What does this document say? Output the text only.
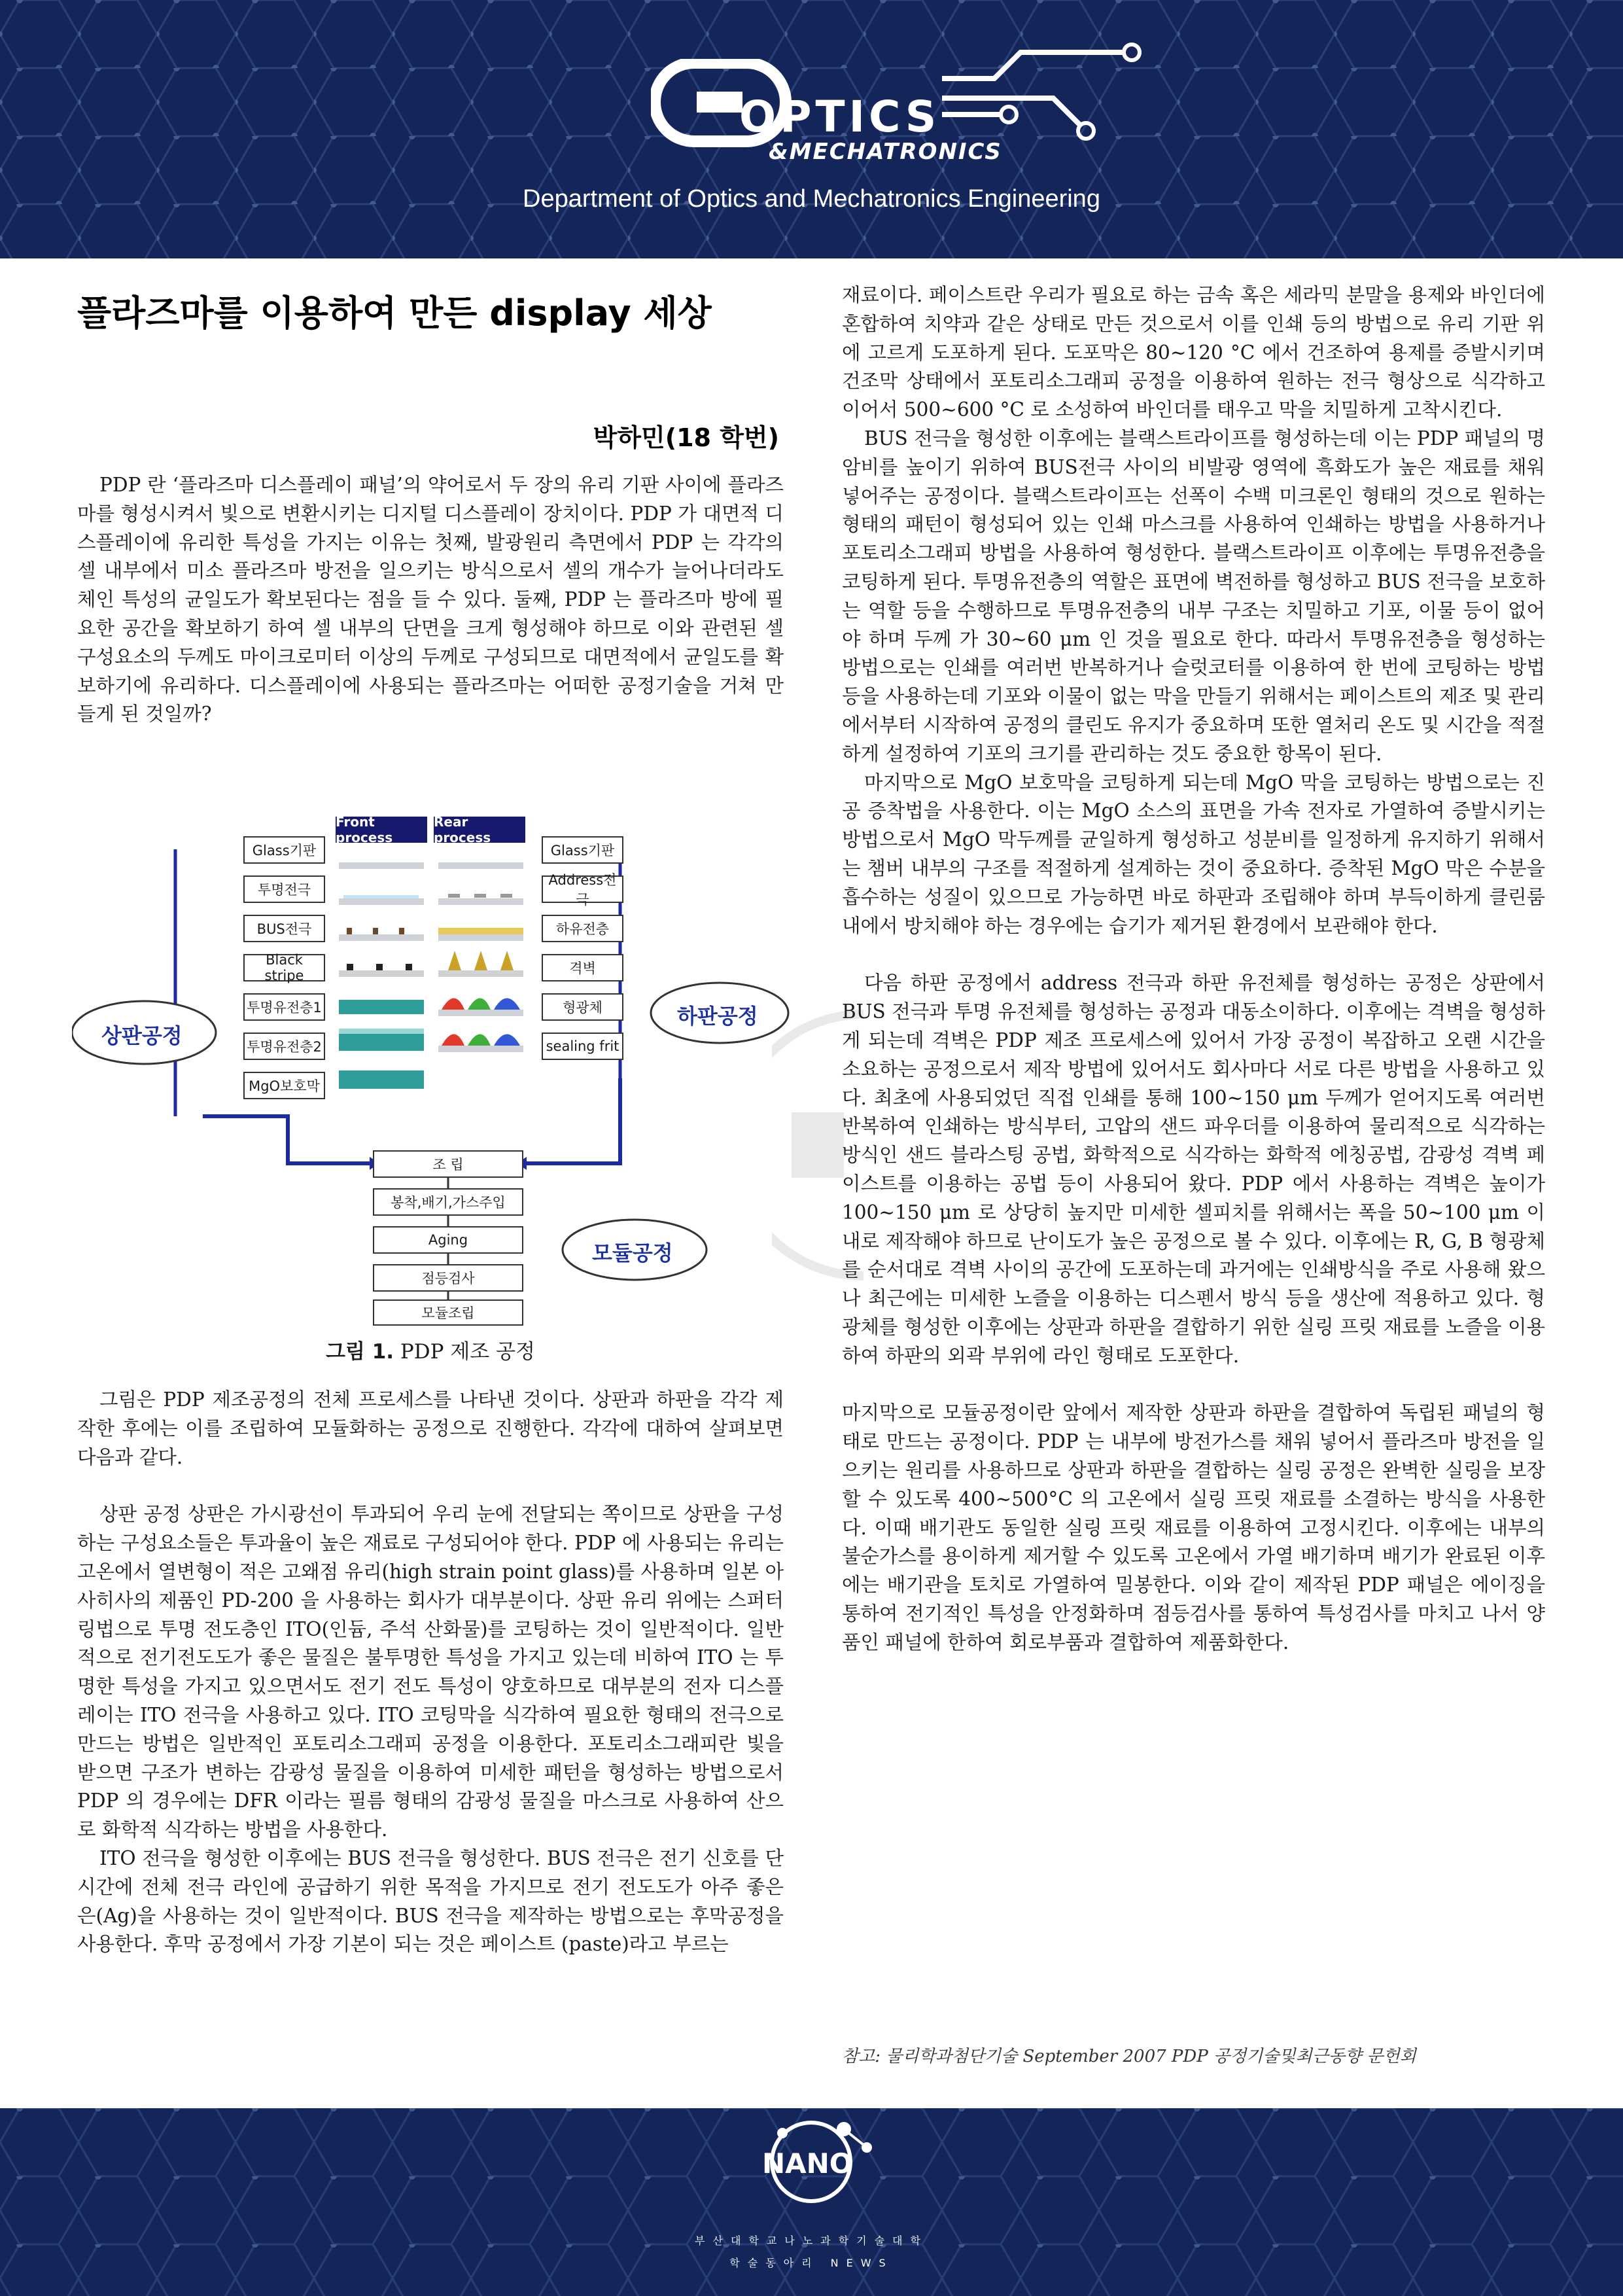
OPTICS
&MECHATRONICS
Department of Optics and Mechatronics Engineering
플라즈마를 이용하여 만든 display 세상
박하민(18 학번)

PDP 란 ‘플라즈마 디스플레이 패널’의 약어로서 두 장의 유리 기판 사이에 플라즈마를 형성시켜서 빛으로 변환시키는 디지털 디스플레이 장치이다. PDP 가 대면적 디스플레이에 유리한 특성을 가지는 이유는 첫째, 발광원리 측면에서 PDP 는 각각의 셀 내부에서 미소 플라즈마 방전을 일으키는 방식으로서 셀의 개수가 늘어나더라도 체인 특성의 균일도가 확보된다는 점을 들 수 있다. 둘째, PDP 는 플라즈마 방에 필요한 공간을 확보하기 하여 셀 내부의 단면을 크게 형성해야 하므로 이와 관련된 셀 구성요소의 두께도 마이크로미터 이상의 두께로 구성되므로 대면적에서 균일도를 확보하기에 유리하다. 디스플레이에 사용되는 플라즈마는 어떠한 공정기술을 거쳐 만들게 된 것일까?

Front process
Rear process
Glass기판
투명전극
BUS전극
Black stripe
투명유전층1
투명유전층2
MgO보호막
Glass기판
Address전극
하유전층
격벽
형광체
sealing frit
조 립
봉착,배기,가스주입
Aging
점등검사
모듈조립
상판공정
하판공정
모듈공정
그림 1. PDP 제조 공정

그림은 PDP 제조공정의 전체 프로세스를 나타낸 것이다. 상판과 하판을 각각 제작한 후에는 이를 조립하여 모듈화하는 공정으로 진행한다. 각각에 대하여 살펴보면 다음과 같다.

상판 공정 상판은 가시광선이 투과되어 우리 눈에 전달되는 쪽이므로 상판을 구성하는 구성요소들은 투과율이 높은 재료로 구성되어야 한다. PDP 에 사용되는 유리는 고온에서 열변형이 적은 고왜점 유리(high strain point glass)를 사용하며 일본 아사히사의 제품인 PD-200 을 사용하는 회사가 대부분이다. 상판 유리 위에는 스퍼터링법으로 투명 전도층인 ITO(인듐, 주석 산화물)를 코팅하는 것이 일반적이다. 일반적으로 전기전도도가 좋은 물질은 불투명한 특성을 가지고 있는데 비하여 ITO 는 투명한 특성을 가지고 있으면서도 전기 전도 특성이 양호하므로 대부분의 전자 디스플레이는 ITO 전극을 사용하고 있다. ITO 코팅막을 식각하여 필요한 형태의 전극으로 만드는 방법은 일반적인 포토리소그래피 공정을 이용한다. 포토리소그래피란 빛을 받으면 구조가 변하는 감광성 물질을 이용하여 미세한 패턴을 형성하는 방법으로서 PDP 의 경우에는 DFR 이라는 필름 형태의 감광성 물질을 마스크로 사용하여 산으로 화학적 식각하는 방법을 사용한다.

ITO 전극을 형성한 이후에는 BUS 전극을 형성한다. BUS 전극은 전기 신호를 단시간에 전체 전극 라인에 공급하기 위한 목적을 가지므로 전기 전도도가 아주 좋은 은(Ag)을 사용하는 것이 일반적이다. BUS 전극을 제작하는 방법으로는 후막공정을 사용한다. 후막 공정에서 가장 기본이 되는 것은 페이스트 (paste)라고 부르는

재료이다. 페이스트란 우리가 필요로 하는 금속 혹은 세라믹 분말을 용제와 바인더에 혼합하여 치약과 같은 상태로 만든 것으로서 이를 인쇄 등의 방법으로 유리 기판 위에 고르게 도포하게 된다. 도포막은 80~120 °C 에서 건조하여 용제를 증발시키며 건조막 상태에서 포토리소그래피 공정을 이용하여 원하는 전극 형상으로 식각하고 이어서 500~600 °C 로 소성하여 바인더를 태우고 막을 치밀하게 고착시킨다.

BUS 전극을 형성한 이후에는 블랙스트라이프를 형성하는데 이는 PDP 패널의 명암비를 높이기 위하여 BUS전극 사이의 비발광 영역에 흑화도가 높은 재료를 채워 넣어주는 공정이다. 블랙스트라이프는 선폭이 수백 미크론인 형태의 것으로 원하는 형태의 패턴이 형성되어 있는 인쇄 마스크를 사용하여 인쇄하는 방법을 사용하거나 포토리소그래피 방법을 사용하여 형성한다. 블랙스트라이프 이후에는 투명유전층을 코팅하게 된다. 투명유전층의 역할은 표면에 벽전하를 형성하고 BUS 전극을 보호하는 역할 등을 수행하므로 투명유전층의 내부 구조는 치밀하고 기포, 이물 등이 없어야 하며 두께 가 30~60 μm 인 것을 필요로 한다. 따라서 투명유전층을 형성하는 방법으로는 인쇄를 여러번 반복하거나 슬럿코터를 이용하여 한 번에 코팅하는 방법 등을 사용하는데 기포와 이물이 없는 막을 만들기 위해서는 페이스트의 제조 및 관리에서부터 시작하여 공정의 클린도 유지가 중요하며 또한 열처리 온도 및 시간을 적절하게 설정하여 기포의 크기를 관리하는 것도 중요한 항목이 된다.

마지막으로 MgO 보호막을 코팅하게 되는데 MgO 막을 코팅하는 방법으로는 진공 증착법을 사용한다. 이는 MgO 소스의 표면을 가속 전자로 가열하여 증발시키는 방법으로서 MgO 막두께를 균일하게 형성하고 성분비를 일정하게 유지하기 위해서는 챔버 내부의 구조를 적절하게 설계하는 것이 중요하다. 증착된 MgO 막은 수분을 흡수하는 성질이 있으므로 가능하면 바로 하판과 조립해야 하며 부득이하게 클린룸 내에서 방치해야 하는 경우에는 습기가 제거된 환경에서 보관해야 한다.

다음 하판 공정에서 address 전극과 하판 유전체를 형성하는 공정은 상판에서 BUS 전극과 투명 유전체를 형성하는 공정과 대동소이하다. 이후에는 격벽을 형성하게 되는데 격벽은 PDP 제조 프로세스에 있어서 가장 공정이 복잡하고 오랜 시간을 소요하는 공정으로서 제작 방법에 있어서도 회사마다 서로 다른 방법을 사용하고 있다. 최초에 사용되었던 직접 인쇄를 통해 100~150 μm 두께가 얻어지도록 여러번 반복하여 인쇄하는 방식부터, 고압의 샌드 파우더를 이용하여 물리적으로 식각하는 방식인 샌드 블라스팅 공법, 화학적으로 식각하는 화학적 에칭공법, 감광성 격벽 페이스트를 이용하는 공법 등이 사용되어 왔다. PDP 에서 사용하는 격벽은 높이가 100~150 μm 로 상당히 높지만 미세한 셀피치를 위해서는 폭을 50~100 μm 이내로 제작해야 하므로 난이도가 높은 공정으로 볼 수 있다. 이후에는 R, G, B 형광체를 순서대로 격벽 사이의 공간에 도포하는데 과거에는 인쇄방식을 주로 사용해 왔으나 최근에는 미세한 노즐을 이용하는 디스펜서 방식 등을 생산에 적용하고 있다. 형광체를 형성한 이후에는 상판과 하판을 결합하기 위한 실링 프릿 재료를 노즐을 이용하여 하판의 외곽 부위에 라인 형태로 도포한다.

마지막으로 모듈공정이란 앞에서 제작한 상판과 하판을 결합하여 독립된 패널의 형태로 만드는 공정이다. PDP 는 내부에 방전가스를 채워 넣어서 플라즈마 방전을 일으키는 원리를 사용하므로 상판과 하판을 결합하는 실링 공정은 완벽한 실링을 보장할 수 있도록 400~500°C 의 고온에서 실링 프릿 재료를 소결하는 방식을 사용한다. 이때 배기관도 동일한 실링 프릿 재료를 이용하여 고정시킨다. 이후에는 내부의 불순가스를 용이하게 제거할 수 있도록 고온에서 가열 배기하며 배기가 완료된 이후에는 배기관을 토치로 가열하여 밀봉한다. 이와 같이 제작된 PDP 패널은 에이징을 통하여 전기적인 특성을 안정화하며 점등검사를 통하여 특성검사를 마치고 나서 양품인 패널에 한하여 회로부품과 결합하여 제품화한다.

참고: 물리학과첨단기술 September 2007 PDP 공정기술및최근동향 문헌회
NANO
부산대학교나노과학기술대학
학술동아리 NEWS
